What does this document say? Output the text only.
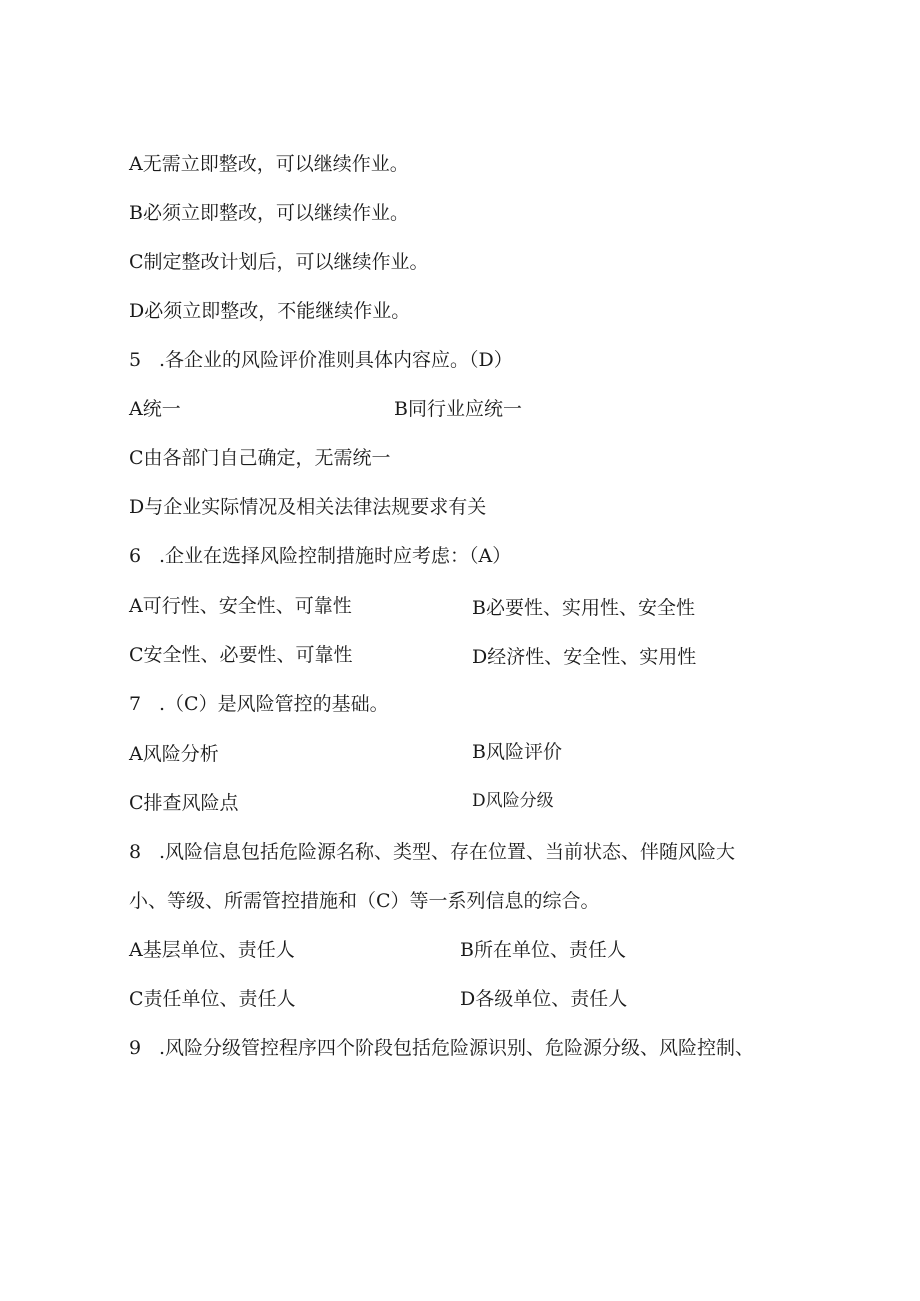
A无需立即整改，可以继续作业。
B必须立即整改，可以继续作业。
C制定整改计划后，可以继续作业。
D必须立即整改，不能继续作业。
5 .各企业的风险评价准则具体内容应。（D）
A统一	B同行业应统一
C由各部门自己确定，无需统一
D与企业实际情况及相关法律法规要求有关
6 .企业在选择风险控制措施时应考虑：（A）
A可行性、安全性、可靠性	B必要性、实用性、安全性
C安全性、必要性、可靠性	D经济性、安全性、实用性
7 .（C）是风险管控的基础。
A风险分析	B风险评价
C排查风险点	D风险分级
8 .风险信息包括危险源名称、类型、存在位置、当前状态、伴随风险大
小、等级、所需管控措施和（C）等一系列信息的综合。
A基层单位、责任人	B所在单位、责任人
C责任单位、责任人	D各级单位、责任人
9 .风险分级管控程序四个阶段包括危险源识别、危险源分级、风险控制、
